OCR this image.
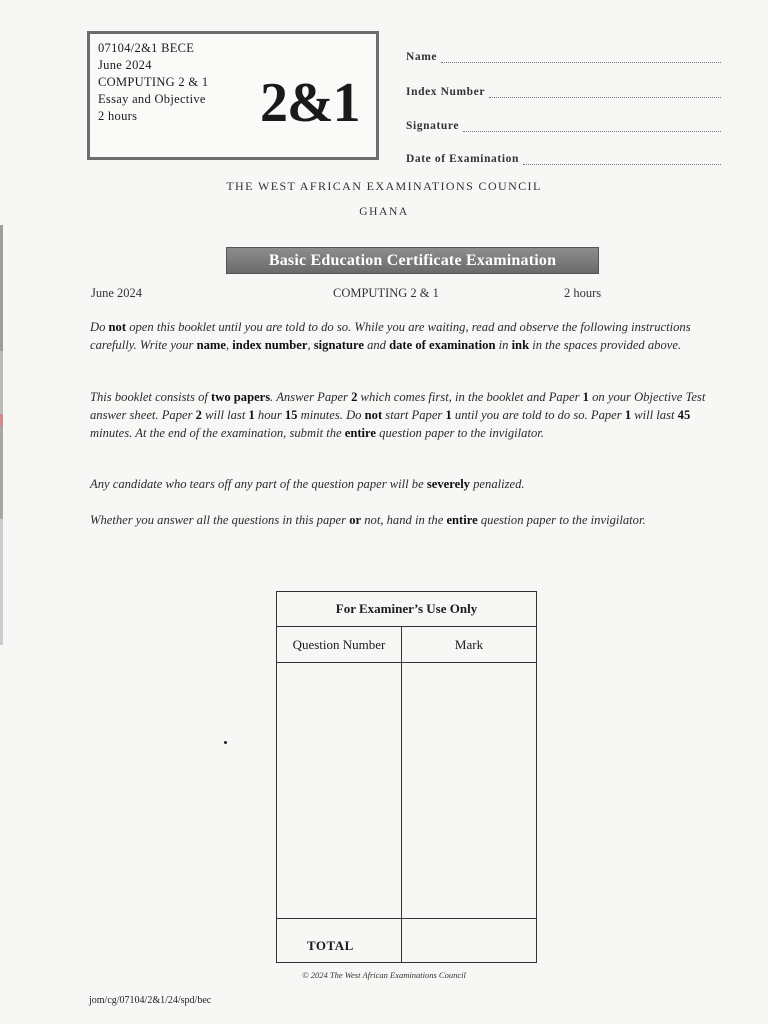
07104/2&1 BECE
June 2024
COMPUTING 2 & 1
Essay and Objective
2 hours	2&1
Name
Index Number
Signature
Date of Examination
THE WEST AFRICAN EXAMINATIONS COUNCIL
GHANA
Basic Education Certificate Examination
June 2024	COMPUTING 2 & 1	2 hours
Do not open this booklet until you are told to do so. While you are waiting, read and observe the following instructions carefully. Write your name, index number, signature and date of examination in ink in the spaces provided above.
This booklet consists of two papers. Answer Paper 2 which comes first, in the booklet and Paper 1 on your Objective Test answer sheet. Paper 2 will last 1 hour 15 minutes. Do not start Paper 1 until you are told to do so. Paper 1 will last 45 minutes. At the end of the examination, submit the entire question paper to the invigilator.
Any candidate who tears off any part of the question paper will be severely penalized.
Whether you answer all the questions in this paper or not, hand in the entire question paper to the invigilator.
For Examiner’s Use Only
Question Number	Mark
TOTAL
© 2024 The West African Examinations Council
jom/cg/07104/2&1/24/spd/bec
